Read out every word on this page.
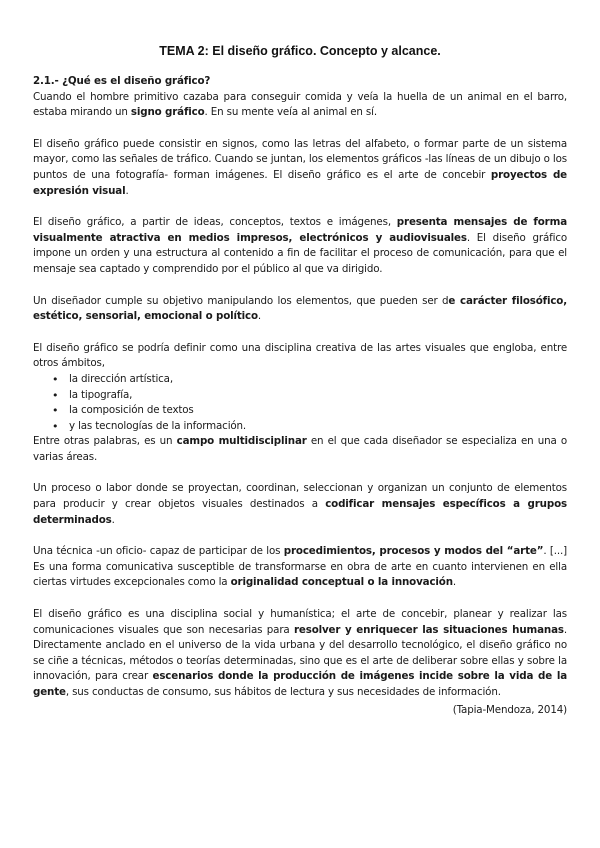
TEMA 2: El diseño gráfico. Concepto y alcance.
2.1.- ¿Qué es el diseño gráfico?

Cuando el hombre primitivo cazaba para conseguir comida y veía la huella de un animal en el barro, estaba mirando un signo gráfico. En su mente veía al animal en sí.

El diseño gráfico puede consistir en signos, como las letras del alfabeto, o formar parte de un sistema mayor, como las señales de tráfico. Cuando se juntan, los elementos gráficos -las líneas de un dibujo o los puntos de una fotografía- forman imágenes. El diseño gráfico es el arte de concebir proyectos de expresión visual.

El diseño gráfico, a partir de ideas, conceptos, textos e imágenes, presenta mensajes de forma visualmente atractiva en medios impresos, electrónicos y audiovisuales. El diseño gráfico impone un orden y una estructura al contenido a fin de facilitar el proceso de comunicación, para que el mensaje sea captado y comprendido por el público al que va dirigido.

Un diseñador cumple su objetivo manipulando los elementos, que pueden ser de carácter filosófico, estético, sensorial, emocional o político.

El diseño gráfico se podría definir como una disciplina creativa de las artes visuales que engloba, entre otros ámbitos,

• la dirección artística,
• la tipografía,
• la composición de textos
• y las tecnologías de la información.

Entre otras palabras, es un campo multidisciplinar en el que cada diseñador se especializa en una o varias áreas.

Un proceso o labor donde se proyectan, coordinan, seleccionan y organizan un conjunto de elementos para producir y crear objetos visuales destinados a codificar mensajes específicos a grupos determinados.

Una técnica -un oficio- capaz de participar de los procedimientos, procesos y modos del “arte”. [...] Es una forma comunicativa susceptible de transformarse en obra de arte en cuanto intervienen en ella ciertas virtudes excepcionales como la originalidad conceptual o la innovación.

El diseño gráfico es una disciplina social y humanística; el arte de concebir, planear y realizar las comunicaciones visuales que son necesarias para resolver y enriquecer las situaciones humanas. Directamente anclado en el universo de la vida urbana y del desarrollo tecnológico, el diseño gráfico no se ciñe a técnicas, métodos o teorías determinadas, sino que es el arte de deliberar sobre ellas y sobre la innovación, para crear escenarios donde la producción de imágenes incide sobre la vida de la gente, sus conductas de consumo, sus hábitos de lectura y sus necesidades de información.

(Tapia-Mendoza, 2014)
